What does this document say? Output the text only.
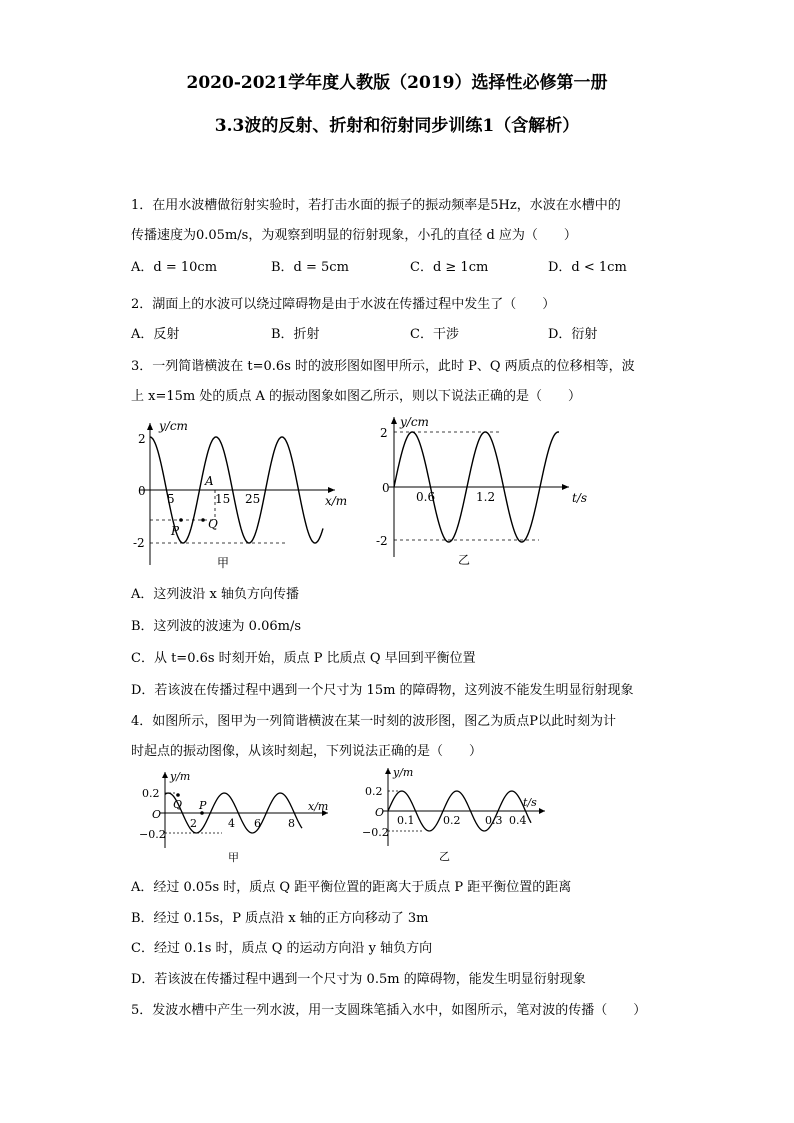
2020-2021学年度人教版（2019）选择性必修第一册
3.3波的反射、折射和衍射同步训练1（含解析）
1．在用水波槽做衍射实验时，若打击水面的振子的振动频率是5Hz，水波在水槽中的
传播速度为0.05m/s，为观察到明显的衍射现象，小孔的直径 d 应为（　　）
A．d = 10cm	B．d = 5cm	C．d ≥ 1cm	D．d < 1cm
2．湖面上的水波可以绕过障碍物是由于水波在传播过程中发生了（　　）
A．反射	B．折射	C．干涉	D．衍射
3．一列简谐横波在 t=0.6s 时的波形图如图甲所示，此时 P、Q 两质点的位移相等，波
上 x=15m 处的质点 A 的振动图象如图乙所示，则以下说法正确的是（　　）
y/cm
x/m
2
0
-2
5	15 25
A
P Q
甲
y/cm
t/s
2
0
-2
0.6	1.2
乙
A．这列波沿 x 轴负方向传播
B．这列波的波速为 0.06m/s
C．从 t=0.6s 时刻开始，质点 P 比质点 Q 早回到平衡位置
D．若该波在传播过程中遇到一个尺寸为 15m 的障碍物，这列波不能发生明显衍射现象
4．如图所示，图甲为一列简谐横波在某一时刻的波形图，图乙为质点P以此时刻为计
时起点的振动图像，从该时刻起，下列说法正确的是（　　）
y/m
x/m
0.2
O
−0.2
2	4 6 8
Q P
甲
y/m
t/s
0.2
O
−0.2
0.1	0.2 0.3 0.4
乙
A．经过 0.05s 时，质点 Q 距平衡位置的距离大于质点 P 距平衡位置的距离
B．经过 0.15s，P 质点沿 x 轴的正方向移动了 3m
C．经过 0.1s 时，质点 Q 的运动方向沿 y 轴负方向
D．若该波在传播过程中遇到一个尺寸为 0.5m 的障碍物，能发生明显衍射现象
5．发波水槽中产生一列水波，用一支圆珠笔插入水中，如图所示，笔对波的传播（　　）
